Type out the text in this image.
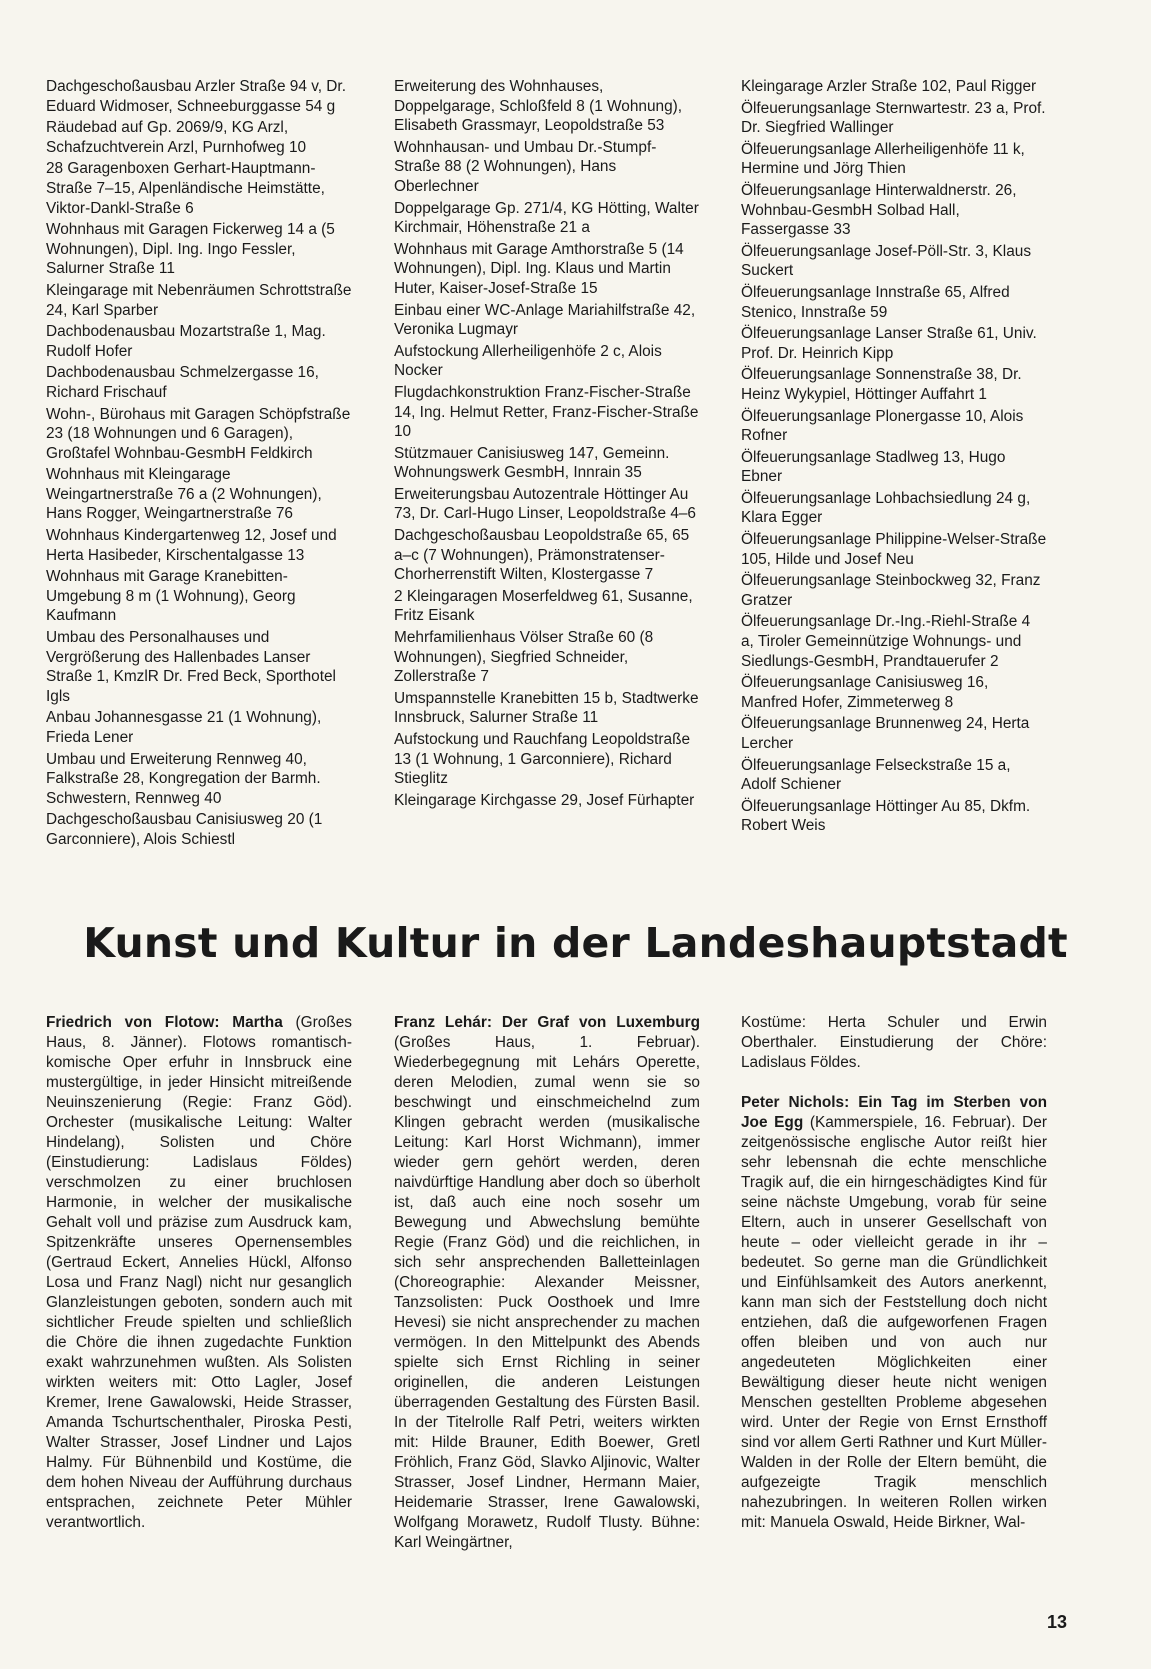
Dachgeschoßausbau Arzler Straße 94 v, Dr. Eduard Widmoser, Schneeburggasse 54 g
Räudebad auf Gp. 2069/9, KG Arzl, Schafzuchtverein Arzl, Purnhofweg 10
28 Garagenboxen Gerhart-Hauptmann-Straße 7–15, Alpenländische Heimstätte, Viktor-Dankl-Straße 6
Wohnhaus mit Garagen Fickerweg 14 a (5 Wohnungen), Dipl. Ing. Ingo Fessler, Salurner Straße 11
Kleingarage mit Nebenräumen Schrottstraße 24, Karl Sparber
Dachbodenausbau Mozartstraße 1, Mag. Rudolf Hofer
Dachbodenausbau Schmelzergasse 16, Richard Frischauf
Wohn-, Bürohaus mit Garagen Schöpfstraße 23 (18 Wohnungen und 6 Garagen), Großtafel Wohnbau-GesmbH Feldkirch
Wohnhaus mit Kleingarage Weingartnerstraße 76 a (2 Wohnungen), Hans Rogger, Weingartnerstraße 76
Wohnhaus Kindergartenweg 12, Josef und Herta Hasibeder, Kirschentalgasse 13
Wohnhaus mit Garage Kranebitten-Umgebung 8 m (1 Wohnung), Georg Kaufmann
Umbau des Personalhauses und Vergrößerung des Hallenbades Lanser Straße 1, KmzlR Dr. Fred Beck, Sporthotel Igls
Anbau Johannesgasse 21 (1 Wohnung), Frieda Lener
Umbau und Erweiterung Rennweg 40, Falkstraße 28, Kongregation der Barmh. Schwestern, Rennweg 40
Dachgeschoßausbau Canisiusweg 20 (1 Garconniere), Alois Schiestl
Erweiterung des Wohnhauses, Doppelgarage, Schloßfeld 8 (1 Wohnung), Elisabeth Grassmayr, Leopoldstraße 53
Wohnhausan- und Umbau Dr.-Stumpf-Straße 88 (2 Wohnungen), Hans Oberlechner
Doppelgarage Gp. 271/4, KG Hötting, Walter Kirchmair, Höhenstraße 21 a
Wohnhaus mit Garage Amthorstraße 5 (14 Wohnungen), Dipl. Ing. Klaus und Martin Huter, Kaiser-Josef-Straße 15
Einbau einer WC-Anlage Mariahilfstraße 42, Veronika Lugmayr
Aufstockung Allerheiligenhöfe 2 c, Alois Nocker
Flugdachkonstruktion Franz-Fischer-Straße 14, Ing. Helmut Retter, Franz-Fischer-Straße 10
Stützmauer Canisiusweg 147, Gemeinn. Wohnungswerk GesmbH, Innrain 35
Erweiterungsbau Autozentrale Höttinger Au 73, Dr. Carl-Hugo Linser, Leopoldstraße 4–6
Dachgeschoßausbau Leopoldstraße 65, 65 a–c (7 Wohnungen), Prämonstratenser-Chorherrenstift Wilten, Klostergasse 7
2 Kleingaragen Moserfeldweg 61, Susanne, Fritz Eisank
Mehrfamilienhaus Völser Straße 60 (8 Wohnungen), Siegfried Schneider, Zollerstraße 7
Umspannstelle Kranebitten 15 b, Stadtwerke Innsbruck, Salurner Straße 11
Aufstockung und Rauchfang Leopoldstraße 13 (1 Wohnung, 1 Garconniere), Richard Stieglitz
Kleingarage Kirchgasse 29, Josef Fürhapter
Kleingarage Arzler Straße 102, Paul Rigger
Ölfeuerungsanlage Sternwartestr. 23 a, Prof. Dr. Siegfried Wallinger
Ölfeuerungsanlage Allerheiligenhöfe 11 k, Hermine und Jörg Thien
Ölfeuerungsanlage Hinterwaldnerstr. 26, Wohnbau-GesmbH Solbad Hall, Fassergasse 33
Ölfeuerungsanlage Josef-Pöll-Str. 3, Klaus Suckert
Ölfeuerungsanlage Innstraße 65, Alfred Stenico, Innstraße 59
Ölfeuerungsanlage Lanser Straße 61, Univ. Prof. Dr. Heinrich Kipp
Ölfeuerungsanlage Sonnenstraße 38, Dr. Heinz Wykypiel, Höttinger Auffahrt 1
Ölfeuerungsanlage Plonergasse 10, Alois Rofner
Ölfeuerungsanlage Stadlweg 13, Hugo Ebner
Ölfeuerungsanlage Lohbachsiedlung 24 g, Klara Egger
Ölfeuerungsanlage Philippine-Welser-Straße 105, Hilde und Josef Neu
Ölfeuerungsanlage Steinbockweg 32, Franz Gratzer
Ölfeuerungsanlage Dr.-Ing.-Riehl-Straße 4 a, Tiroler Gemeinnützige Wohnungs- und Siedlungs-GesmbH, Prandtauerufer 2
Ölfeuerungsanlage Canisiusweg 16, Manfred Hofer, Zimmeterweg 8
Ölfeuerungsanlage Brunnenweg 24, Herta Lercher
Ölfeuerungsanlage Felseckstraße 15 a, Adolf Schiener
Ölfeuerungsanlage Höttinger Au 85, Dkfm. Robert Weis
Kunst und Kultur in der Landeshauptstadt

Friedrich von Flotow: Martha (Großes Haus, 8. Jänner). Flotows romantisch-komische Oper erfuhr in Innsbruck eine mustergültige, in jeder Hinsicht mitreißende Neuinszenierung (Regie: Franz Göd). Orchester (musikalische Leitung: Walter Hindelang), Solisten und Chöre (Einstudierung: Ladislaus Földes) verschmolzen zu einer bruchlosen Harmonie, in welcher der musikalische Gehalt voll und präzise zum Ausdruck kam, Spitzenkräfte unseres Opernensembles (Gertraud Eckert, Annelies Hückl, Alfonso Losa und Franz Nagl) nicht nur gesanglich Glanzleistungen geboten, sondern auch mit sichtlicher Freude spielten und schließlich die Chöre die ihnen zugedachte Funktion exakt wahrzunehmen wußten. Als Solisten wirkten weiters mit: Otto Lagler, Josef Kremer, Irene Gawalowski, Heide Strasser, Amanda Tschurtschenthaler, Piroska Pesti, Walter Strasser, Josef Lindner und Lajos Halmy. Für Bühnenbild und Kostüme, die dem hohen Niveau der Aufführung durchaus entsprachen, zeichnete Peter Mühler verantwortlich.

Franz Lehár: Der Graf von Luxemburg (Großes Haus, 1. Februar). Wiederbegegnung mit Lehárs Operette, deren Melodien, zumal wenn sie so beschwingt und einschmeichelnd zum Klingen gebracht werden (musikalische Leitung: Karl Horst Wichmann), immer wieder gern gehört werden, deren naivdürftige Handlung aber doch so überholt ist, daß auch eine noch sosehr um Bewegung und Abwechslung bemühte Regie (Franz Göd) und die reichlichen, in sich sehr ansprechenden Balletteinlagen (Choreographie: Alexander Meissner, Tanzsolisten: Puck Oosthoek und Imre Hevesi) sie nicht ansprechender zu machen vermögen. In den Mittelpunkt des Abends spielte sich Ernst Richling in seiner originellen, die anderen Leistungen überragenden Gestaltung des Fürsten Basil. In der Titelrolle Ralf Petri, weiters wirkten mit: Hilde Brauner, Edith Boewer, Gretl Fröhlich, Franz Göd, Slavko Aljinovic, Walter Strasser, Josef Lindner, Hermann Maier, Heidemarie Strasser, Irene Gawalowski, Wolfgang Morawetz, Rudolf Tlusty. Bühne: Karl Weingärtner,

Kostüme: Herta Schuler und Erwin Oberthaler. Einstudierung der Chöre: Ladislaus Földes.

Peter Nichols: Ein Tag im Sterben von Joe Egg (Kammerspiele, 16. Februar). Der zeitgenössische englische Autor reißt hier sehr lebensnah die echte menschliche Tragik auf, die ein hirngeschädigtes Kind für seine nächste Umgebung, vorab für seine Eltern, auch in unserer Gesellschaft von heute – oder vielleicht gerade in ihr – bedeutet. So gerne man die Gründlichkeit und Einfühlsamkeit des Autors anerkennt, kann man sich der Feststellung doch nicht entziehen, daß die aufgeworfenen Fragen offen bleiben und von auch nur angedeuteten Möglichkeiten einer Bewältigung dieser heute nicht wenigen Menschen gestellten Probleme abgesehen wird. Unter der Regie von Ernst Ernsthoff sind vor allem Gerti Rathner und Kurt Müller-Walden in der Rolle der Eltern bemüht, die aufgezeigte Tragik menschlich nahezubringen. In weiteren Rollen wirken mit: Manuela Oswald, Heide Birkner, Wal-

13
